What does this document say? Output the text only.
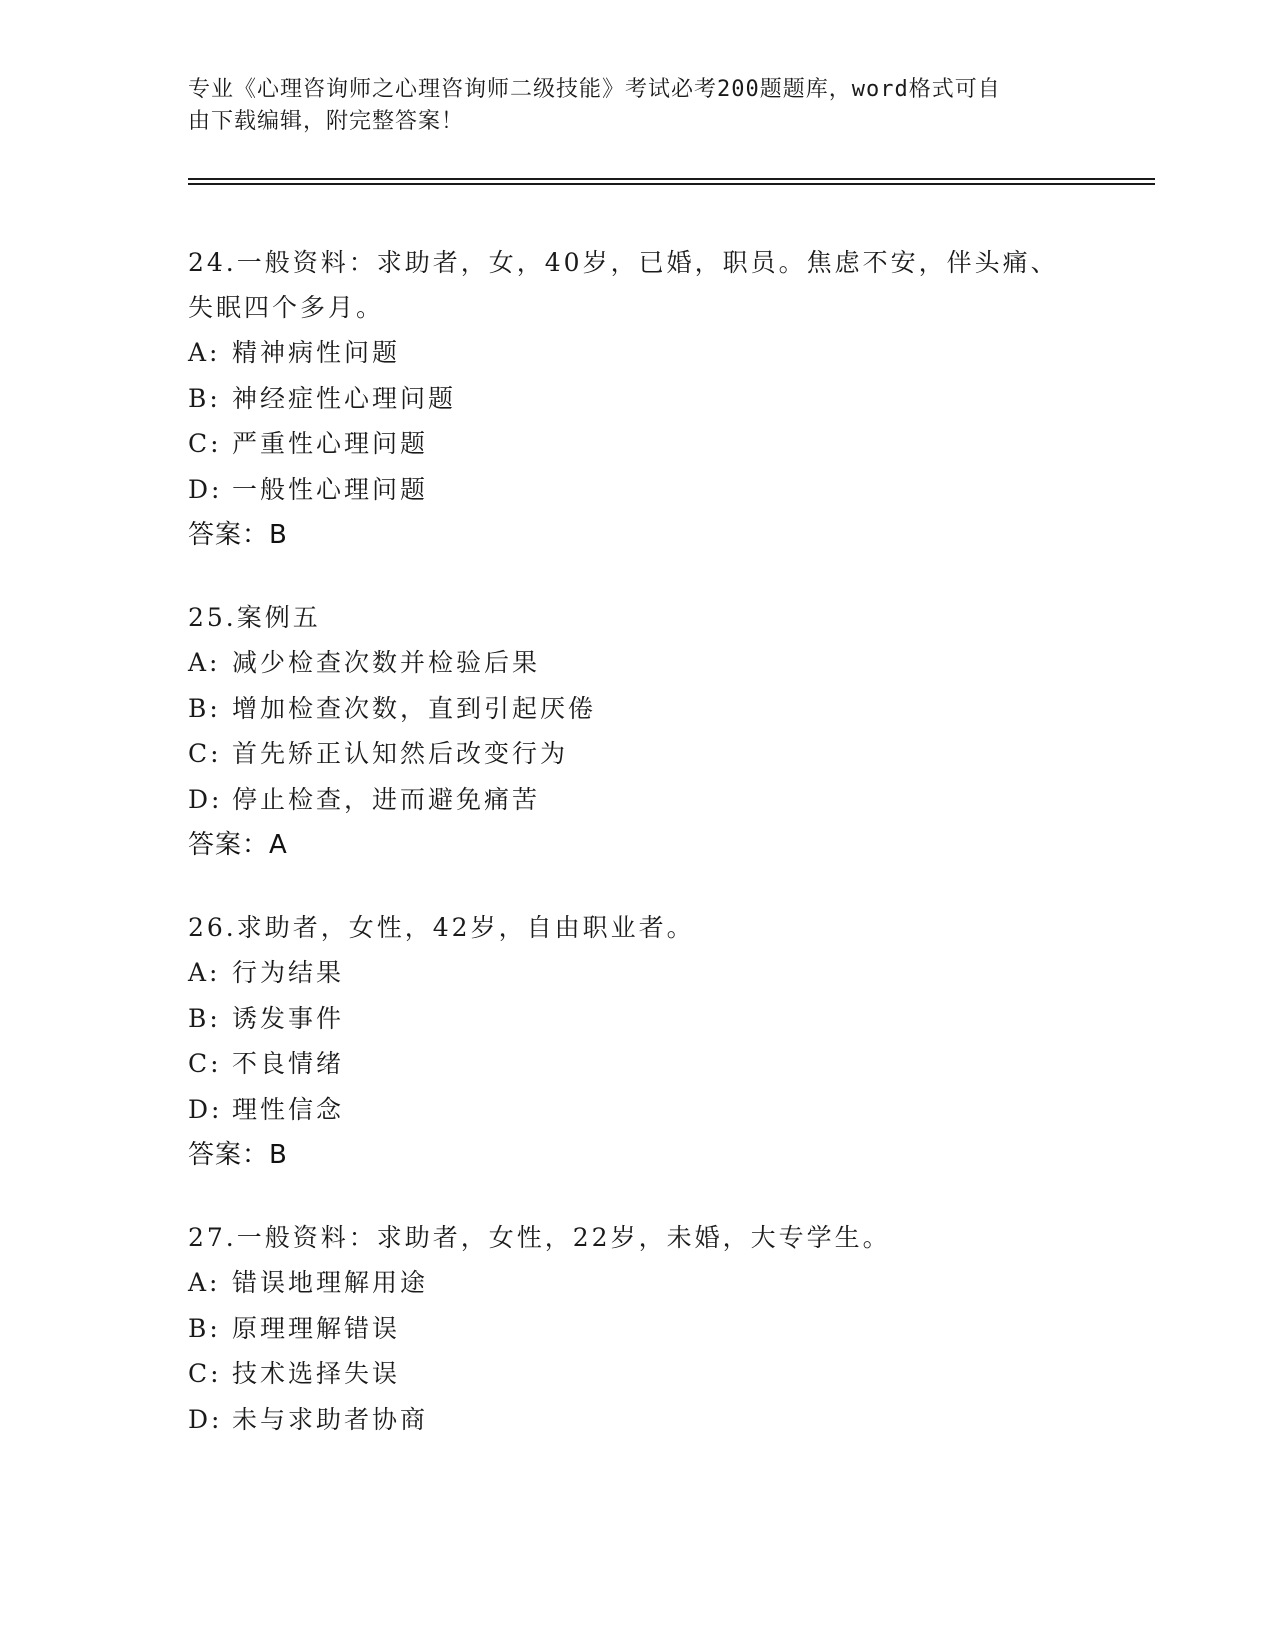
专业《心理咨询师之心理咨询师二级技能》考试必考200题题库，word格式可自
由下载编辑，附完整答案！

24.一般资料：求助者，女，40岁，已婚，职员。焦虑不安，伴头痛、

失眠四个多月。

A: 精神病性问题

B: 神经症性心理问题

C: 严重性心理问题

D: 一般性心理问题

答案：B

25.案例五

A: 减少检查次数并检验后果

B: 增加检查次数，直到引起厌倦

C: 首先矫正认知然后改变行为

D: 停止检查，进而避免痛苦

答案：A

26.求助者，女性，42岁，自由职业者。

A: 行为结果

B: 诱发事件

C: 不良情绪

D: 理性信念

答案：B

27.一般资料：求助者，女性，22岁，未婚，大专学生。

A: 错误地理解用途

B: 原理理解错误

C: 技术选择失误

D: 未与求助者协商
